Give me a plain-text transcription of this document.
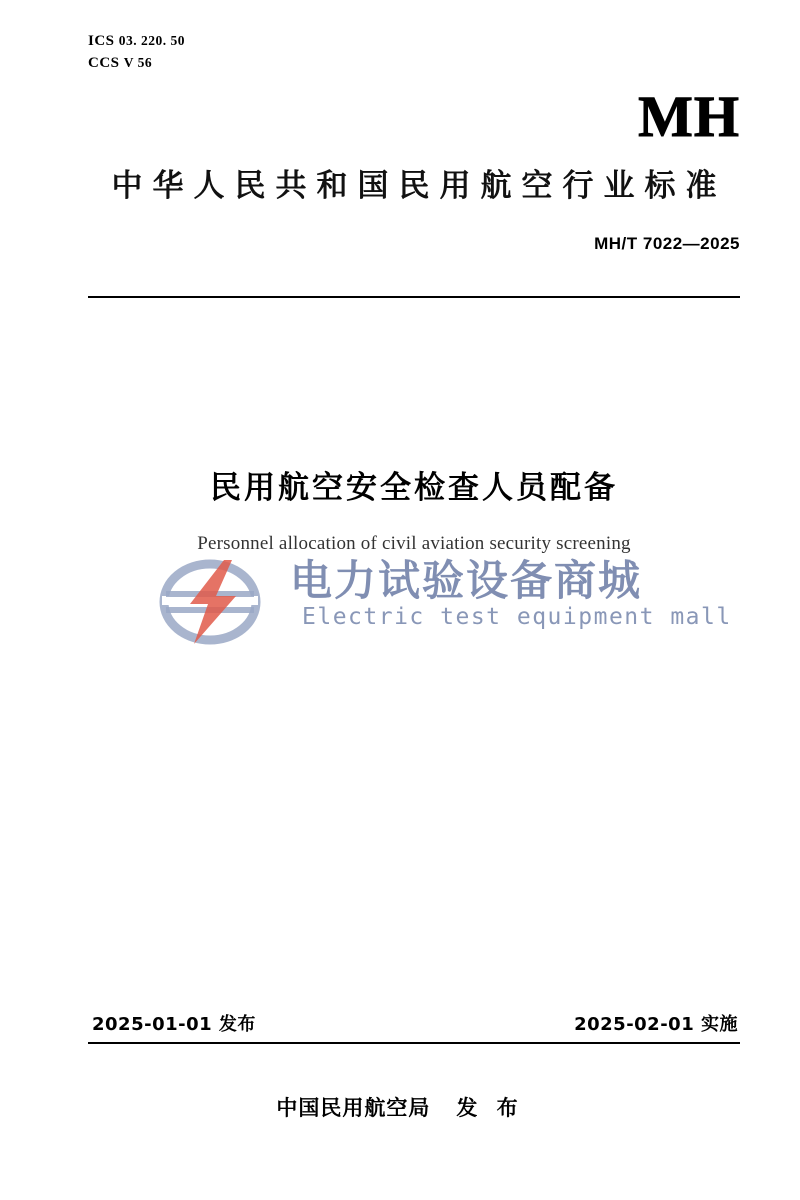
ICS 03. 220. 50
CCS V 56
MH
中华人民共和国民用航空行业标准
MH/T 7022—2025
民用航空安全检查人员配备
Personnel allocation of civil aviation security screening
电力试验设备商城
Electric test equipment mall
2025-01-01 发布	2025-02-01 实施
中国民用航空局 发 布
